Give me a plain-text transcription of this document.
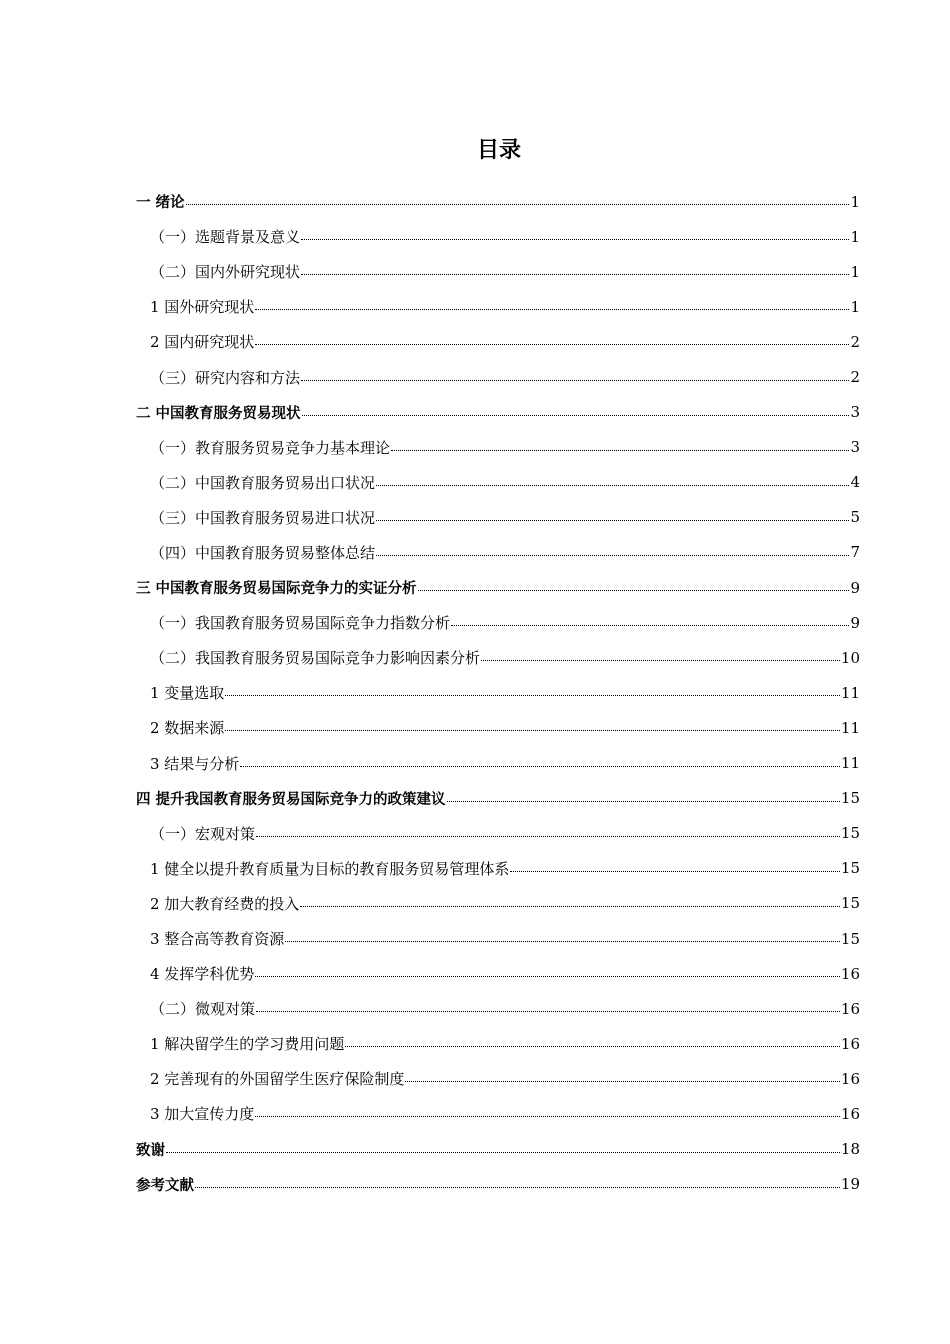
目录
一 绪论	1
（一）选题背景及意义	1
（二）国内外研究现状	1
1 国外研究现状	1
2 国内研究现状	2
（三）研究内容和方法	2
二 中国教育服务贸易现状	3
（一）教育服务贸易竞争力基本理论	3
（二）中国教育服务贸易出口状况	4
（三）中国教育服务贸易进口状况	5
（四）中国教育服务贸易整体总结	7
三 中国教育服务贸易国际竞争力的实证分析	9
（一）我国教育服务贸易国际竞争力指数分析	9
（二）我国教育服务贸易国际竞争力影响因素分析	10
1 变量选取	11
2 数据来源	11
3 结果与分析	11
四 提升我国教育服务贸易国际竞争力的政策建议	15
（一）宏观对策	15
1 健全以提升教育质量为目标的教育服务贸易管理体系	15
2 加大教育经费的投入	15
3 整合高等教育资源	15
4 发挥学科优势	16
（二）微观对策	16
1 解决留学生的学习费用问题	16
2 完善现有的外国留学生医疗保险制度	16
3 加大宣传力度	16
致谢	18
参考文献	19
